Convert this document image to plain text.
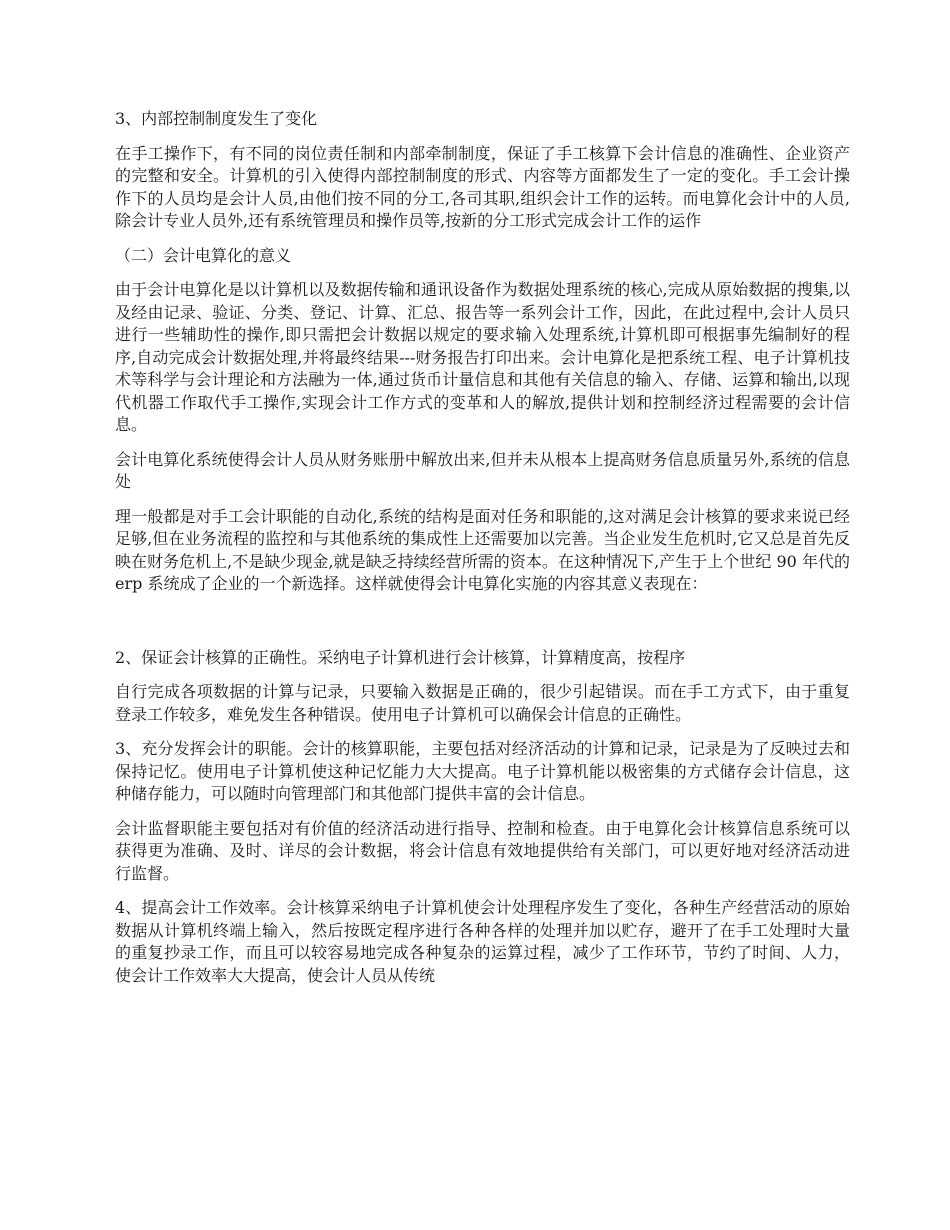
3、内部控制制度发生了变化

在手工操作下，有不同的岗位责任制和内部牵制制度，保证了手工核算下会计信息的准确性、企业资产的完整和安全。计算机的引入使得内部控制制度的形式、内容等方面都发生了一定的变化。手工会计操作下的人员均是会计人员,由他们按不同的分工,各司其职,组织会计工作的运转。而电算化会计中的人员,除会计专业人员外,还有系统管理员和操作员等,按新的分工形式完成会计工作的运作

（二）会计电算化的意义

由于会计电算化是以计算机以及数据传输和通讯设备作为数据处理系统的核心,完成从原始数据的搜集,以及经由记录、验证、分类、登记、计算、汇总、报告等一系列会计工作，因此，在此过程中,会计人员只进行一些辅助性的操作,即只需把会计数据以规定的要求输入处理系统,计算机即可根据事先编制好的程序,自动完成会计数据处理,并将最终结果---财务报告打印出来。会计电算化是把系统工程、电子计算机技术等科学与会计理论和方法融为一体,通过货币计量信息和其他有关信息的输入、存储、运算和输出,以现代机器工作取代手工操作,实现会计工作方式的变革和人的解放,提供计划和控制经济过程需要的会计信息。

会计电算化系统使得会计人员从财务账册中解放出来,但并未从根本上提高财务信息质量另外,系统的信息处

理一般都是对手工会计职能的自动化,系统的结构是面对任务和职能的,这对满足会计核算的要求来说已经足够,但在业务流程的监控和与其他系统的集成性上还需要加以完善。当企业发生危机时,它又总是首先反映在财务危机上,不是缺少现金,就是缺乏持续经营所需的资本。在这种情况下,产生于上个世纪 90 年代的 erp 系统成了企业的一个新选择。这样就使得会计电算化实施的内容其意义表现在：

2、保证会计核算的正确性。采纳电子计算机进行会计核算，计算精度高，按程序

自行完成各项数据的计算与记录，只要输入数据是正确的，很少引起错误。而在手工方式下，由于重复登录工作较多，难免发生各种错误。使用电子计算机可以确保会计信息的正确性。

3、充分发挥会计的职能。会计的核算职能，主要包括对经济活动的计算和记录，记录是为了反映过去和保持记忆。使用电子计算机使这种记忆能力大大提高。电子计算机能以极密集的方式储存会计信息，这种储存能力，可以随时向管理部门和其他部门提供丰富的会计信息。

会计监督职能主要包括对有价值的经济活动进行指导、控制和检查。由于电算化会计核算信息系统可以获得更为准确、及时、详尽的会计数据，将会计信息有效地提供给有关部门，可以更好地对经济活动进行监督。

4、提高会计工作效率。会计核算采纳电子计算机使会计处理程序发生了变化，各种生产经营活动的原始数据从计算机终端上输入，然后按既定程序进行各种各样的处理并加以贮存，避开了在手工处理时大量的重复抄录工作，而且可以较容易地完成各种复杂的运算过程，减少了工作环节，节约了时间、人力，使会计工作效率大大提高，使会计人员从传统
